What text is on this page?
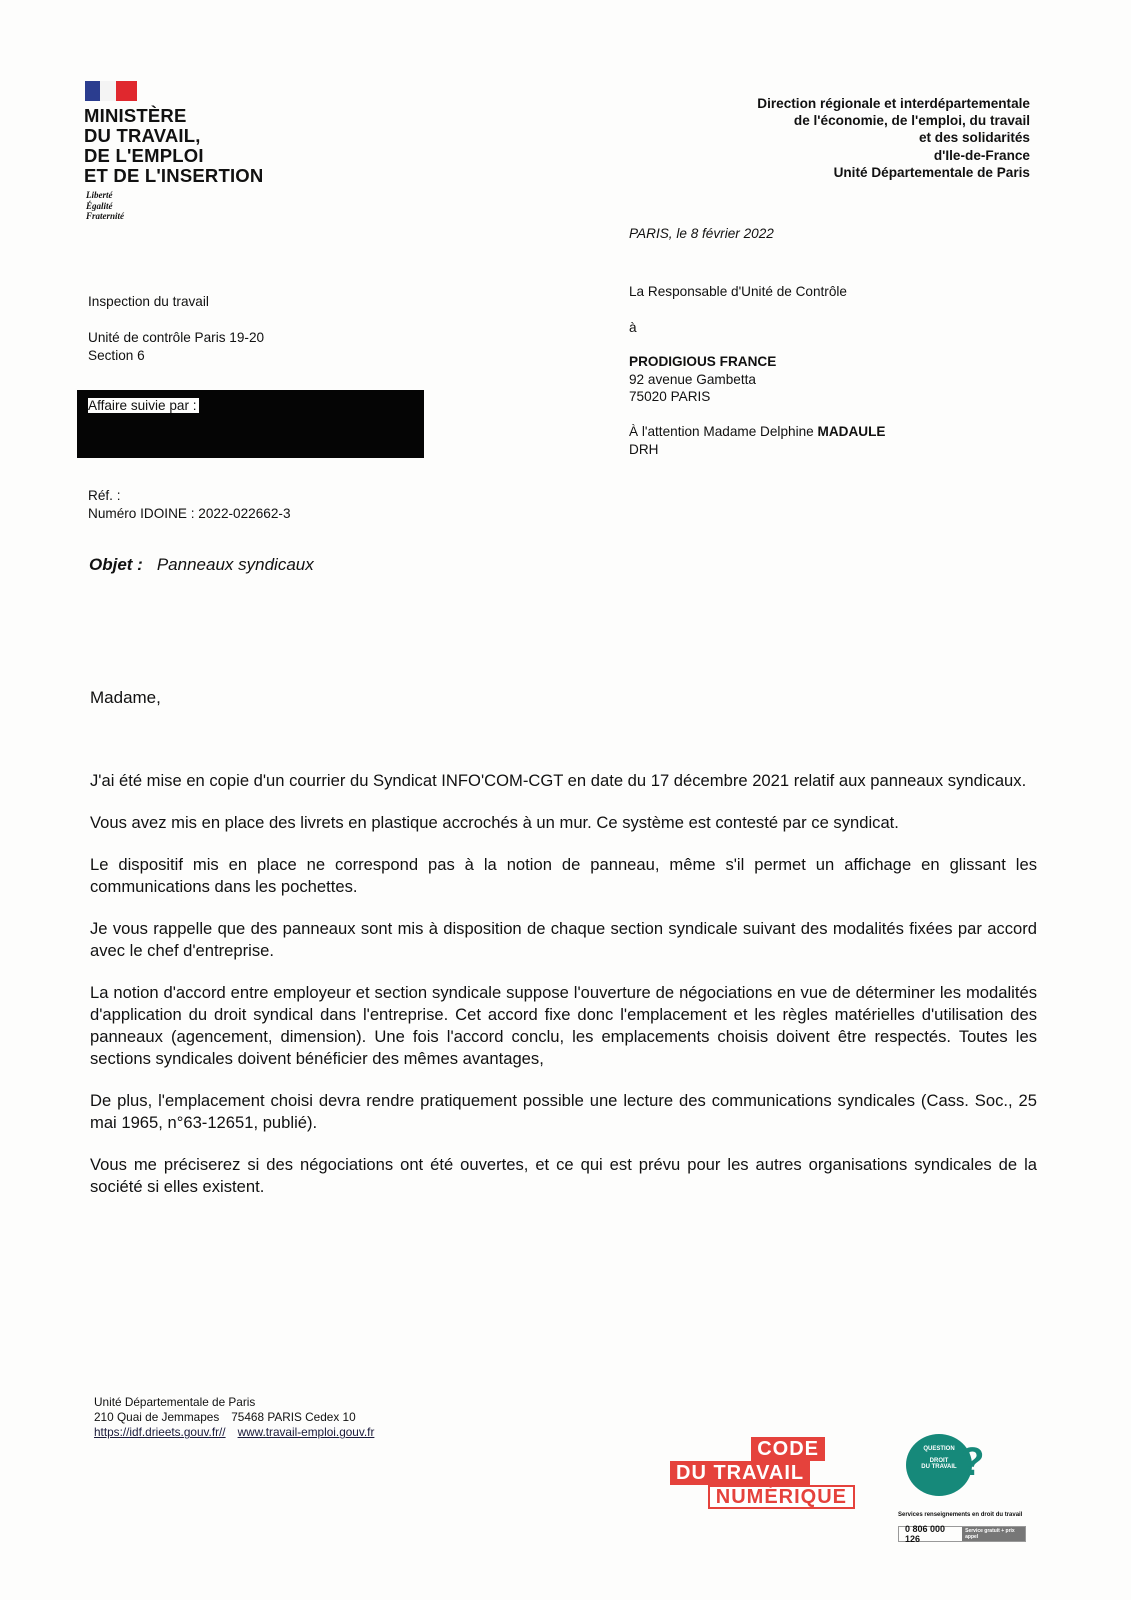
MINISTÈRE
DU TRAVAIL,
DE L'EMPLOI
ET DE L'INSERTION
Liberté
Égalité
Fraternité
Direction régionale et interdépartementale
de l'économie, de l'emploi, du travail
et des solidarités
d'Ile-de-France
Unité Départementale de Paris
PARIS, le 8 février 2022
La Responsable d'Unité de Contrôle
à
PRODIGIOUS FRANCE
92 avenue Gambetta
75020 PARIS
À l'attention Madame Delphine MADAULE
DRH
Inspection du travail
Unité de contrôle Paris 19-20
Section 6
Affaire suivie par :
Réf. :
Numéro IDOINE : 2022-022662-3
Objet : Panneaux syndicaux
Madame,

J'ai été mise en copie d'un courrier du Syndicat INFO'COM-CGT en date du 17 décembre 2021 relatif aux panneaux syndicaux.

Vous avez mis en place des livrets en plastique accrochés à un mur. Ce système est contesté par ce syndicat.

Le dispositif mis en place ne correspond pas à la notion de panneau, même s'il permet un affichage en glissant les communications dans les pochettes.

Je vous rappelle que des panneaux sont mis à disposition de chaque section syndicale suivant des modalités fixées par accord avec le chef d'entreprise.

La notion d'accord entre employeur et section syndicale suppose l'ouverture de négociations en vue de déterminer les modalités d'application du droit syndical dans l'entreprise. Cet accord fixe donc l'emplacement et les règles matérielles d'utilisation des panneaux (agencement, dimension). Une fois l'accord conclu, les emplacements choisis doivent être respectés. Toutes les sections syndicales doivent bénéficier des mêmes avantages,

De plus, l'emplacement choisi devra rendre pratiquement possible une lecture des communications syndicales (Cass. Soc., 25 mai 1965, n°63-12651, publié).

Vous me préciserez si des négociations ont été ouvertes, et ce qui est prévu pour les autres organisations syndicales de la société si elles existent.

Unité Départementale de Paris
210 Quai de Jemmapes 75468 PARIS Cedex 10
https://idf.drieets.gouv.fr// www.travail-emploi.gouv.fr
CODE
DU TRAVAIL
NUMÉRIQUE
QUESTION
DROIT
DU TRAVAIL ?
Services renseignements en droit du travail
0 806 000 126
Service gratuit + prix appel
